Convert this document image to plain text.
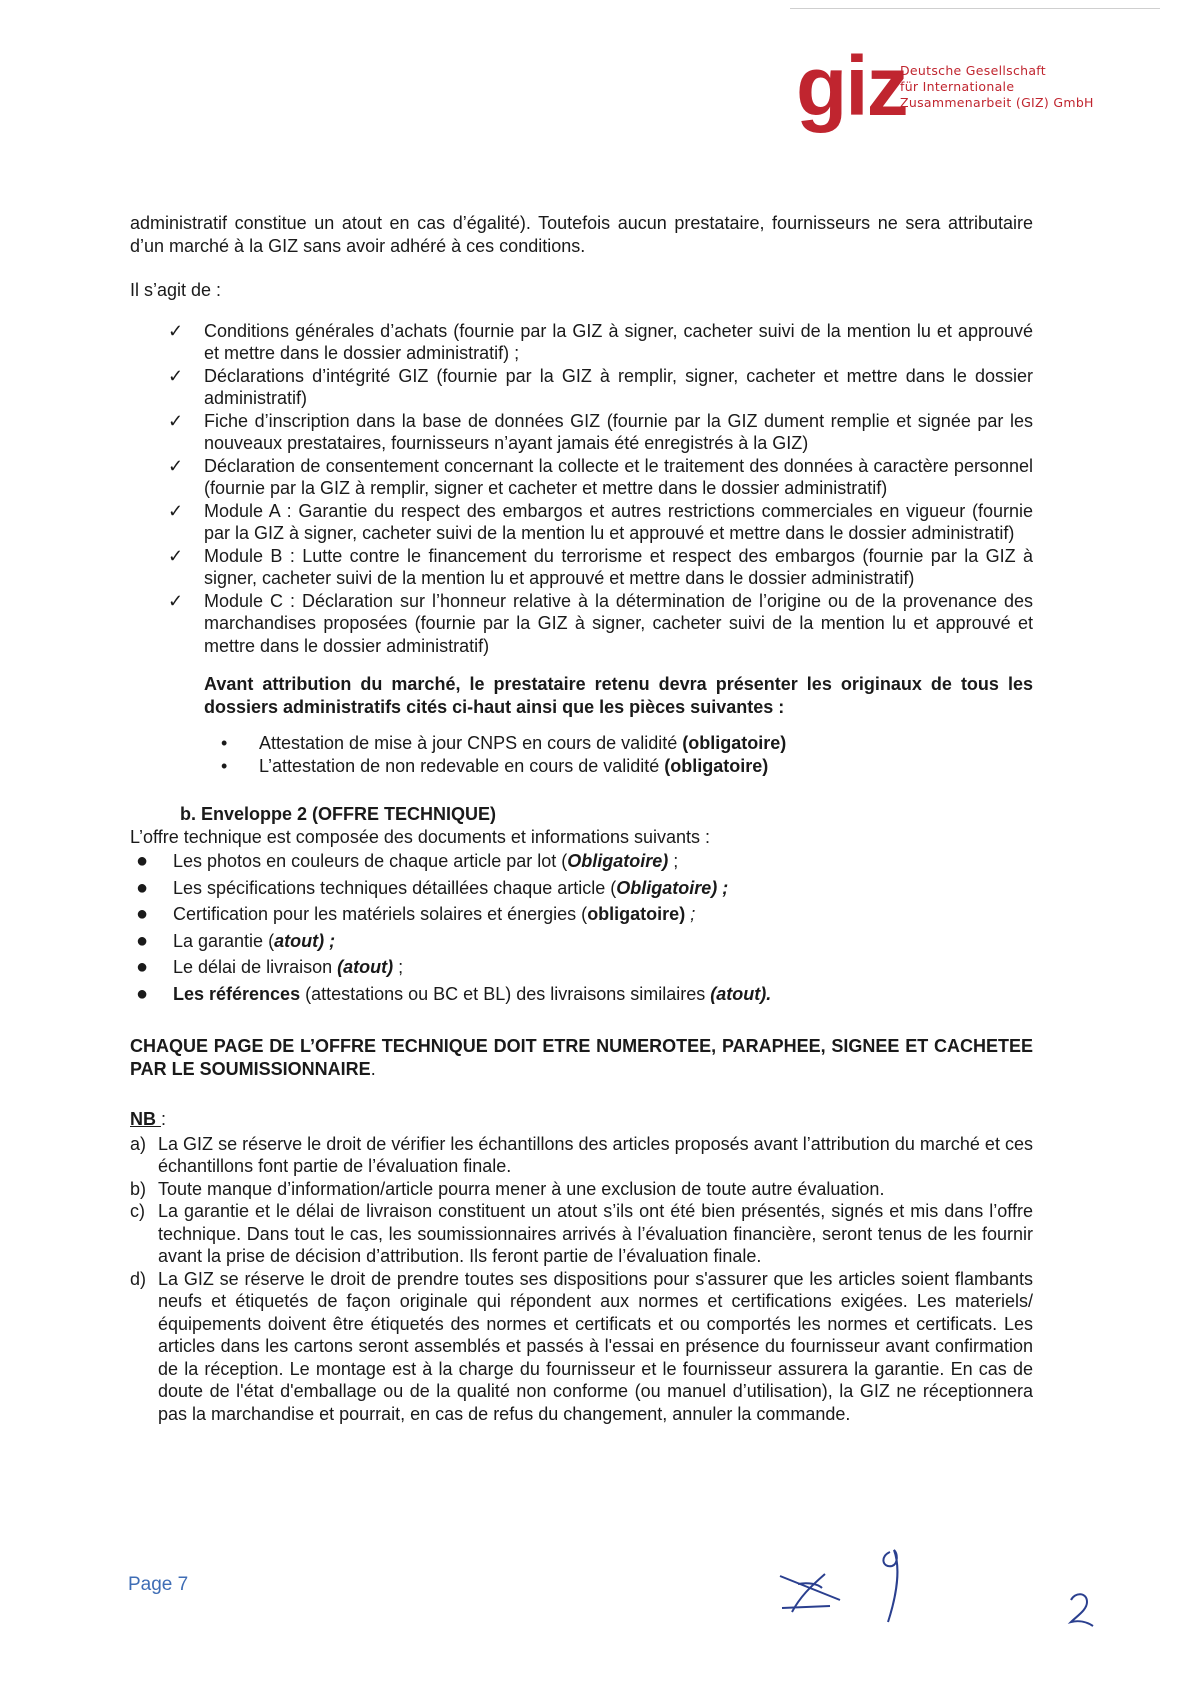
giz
Deutsche Gesellschaft
für Internationale
Zusammenarbeit (GIZ) GmbH

administratif constitue un atout en cas d’égalité). Toutefois aucun prestataire, fournisseurs ne sera attributaire d’un marché à la GIZ sans avoir adhéré à ces conditions.

Il s’agit de :

✓ Conditions générales d’achats (fournie par la GIZ à signer, cacheter suivi de la mention lu et approuvé et mettre dans le dossier administratif) ;
✓ Déclarations d’intégrité GIZ (fournie par la GIZ à remplir, signer, cacheter et mettre dans le dossier administratif)
✓ Fiche d’inscription dans la base de données GIZ (fournie par la GIZ dument remplie et signée par les nouveaux prestataires, fournisseurs n’ayant jamais été enregistrés à la GIZ)
✓ Déclaration de consentement concernant la collecte et le traitement des données à caractère personnel (fournie par la GIZ à remplir, signer et cacheter et mettre dans le dossier administratif)
✓ Module A : Garantie du respect des embargos et autres restrictions commerciales en vigueur (fournie par la GIZ à signer, cacheter suivi de la mention lu et approuvé et mettre dans le dossier administratif)
✓ Module B : Lutte contre le financement du terrorisme et respect des embargos (fournie par la GIZ à signer, cacheter suivi de la mention lu et approuvé et mettre dans le dossier administratif)
✓ Module C : Déclaration sur l’honneur relative à la détermination de l’origine ou de la provenance des marchandises proposées (fournie par la GIZ à signer, cacheter suivi de la mention lu et approuvé et mettre dans le dossier administratif)

Avant attribution du marché, le prestataire retenu devra présenter les originaux de tous les dossiers administratifs cités ci-haut ainsi que les pièces suivantes :

• Attestation de mise à jour CNPS en cours de validité (obligatoire)
• L’attestation de non redevable en cours de validité (obligatoire)
b. Enveloppe 2 (OFFRE TECHNIQUE)
L’offre technique est composée des documents et informations suivants :
● Les photos en couleurs de chaque article par lot (Obligatoire) ;
● Les spécifications techniques détaillées chaque article (Obligatoire) ;
● Certification pour les matériels solaires et énergies (obligatoire) ;
● La garantie (atout) ;
● Le délai de livraison (atout) ;
● Les références (attestations ou BC et BL) des livraisons similaires (atout).

CHAQUE PAGE DE L’OFFRE TECHNIQUE DOIT ETRE NUMEROTEE, PARAPHEE, SIGNEE ET CACHETEE PAR LE SOUMISSIONNAIRE.

NB :
a) La GIZ se réserve le droit de vérifier les échantillons des articles proposés avant l’attribution du marché et ces échantillons font partie de l’évaluation finale.
b) Toute manque d’information/article pourra mener à une exclusion de toute autre évaluation.
c) La garantie et le délai de livraison constituent un atout s’ils ont été bien présentés, signés et mis dans l’offre technique. Dans tout le cas, les soumissionnaires arrivés à l’évaluation financière, seront tenus de les fournir avant la prise de décision d’attribution. Ils feront partie de l’évaluation finale.
d) La GIZ se réserve le droit de prendre toutes ses dispositions pour s'assurer que les articles soient flambants neufs et étiquetés de façon originale qui répondent aux normes et certifications exigées. Les materiels/équipements doivent être étiquetés des normes et certificats et ou comportés les normes et certificats. Les articles dans les cartons seront assemblés et passés à l'essai en présence du fournisseur avant confirmation de la réception. Le montage est à la charge du fournisseur et le fournisseur assurera la garantie. En cas de doute de l'état d'emballage ou de la qualité non conforme (ou manuel d’utilisation), la GIZ ne réceptionnera pas la marchandise et pourrait, en cas de refus du changement, annuler la commande.
Page 7
